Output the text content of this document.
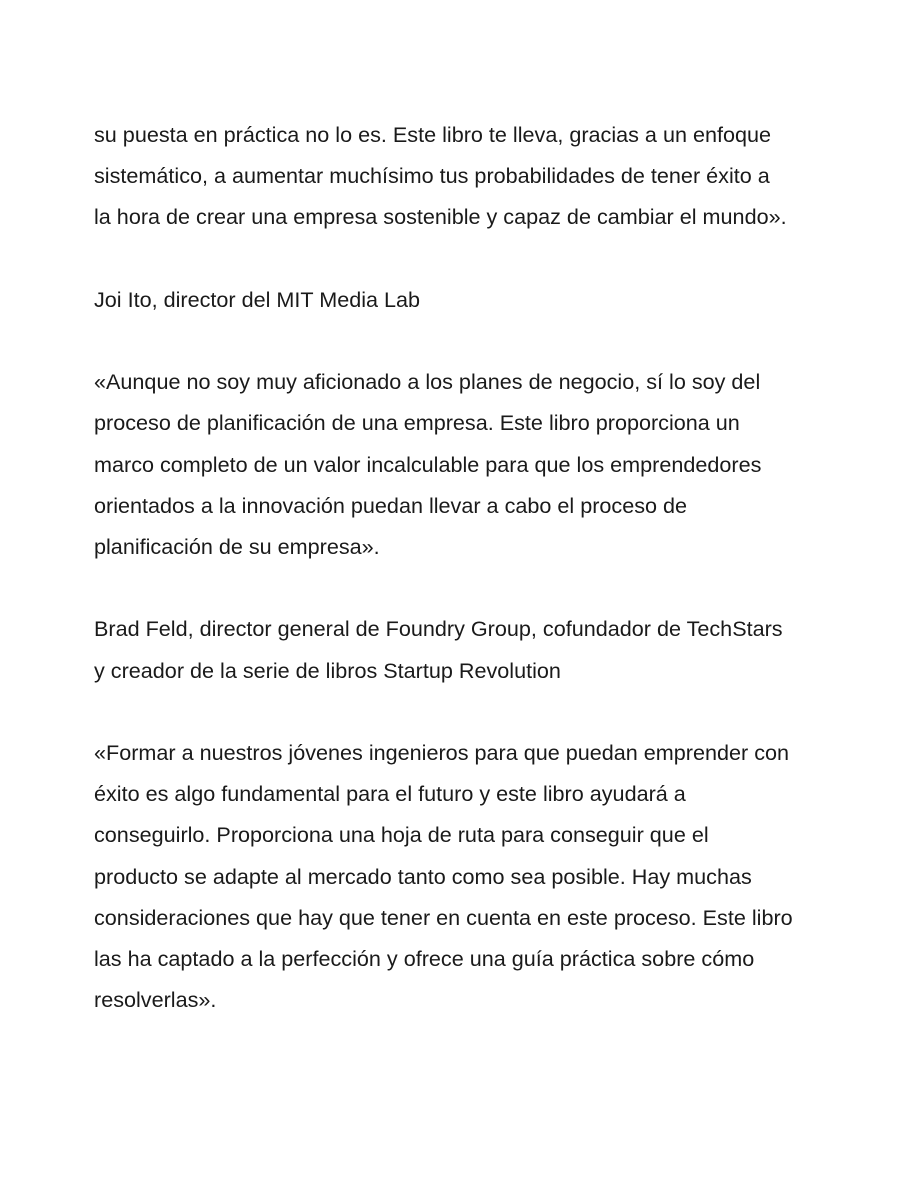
su puesta en práctica no lo es. Este libro te lleva, gracias a un enfoque
sistemático, a aumentar muchísimo tus probabilidades de tener éxito a
la hora de crear una empresa sostenible y capaz de cambiar el mundo».
Joi Ito, director del MIT Media Lab
«Aunque no soy muy aficionado a los planes de negocio, sí lo soy del
proceso de planificación de una empresa. Este libro proporciona un
marco completo de un valor incalculable para que los emprendedores
orientados a la innovación puedan llevar a cabo el proceso de
planificación de su empresa».
Brad Feld, director general de Foundry Group, cofundador de TechStars
y creador de la serie de libros Startup Revolution
«Formar a nuestros jóvenes ingenieros para que puedan emprender con
éxito es algo fundamental para el futuro y este libro ayudará a
conseguirlo. Proporciona una hoja de ruta para conseguir que el
producto se adapte al mercado tanto como sea posible. Hay muchas
consideraciones que hay que tener en cuenta en este proceso. Este libro
las ha captado a la perfección y ofrece una guía práctica sobre cómo
resolverlas».
